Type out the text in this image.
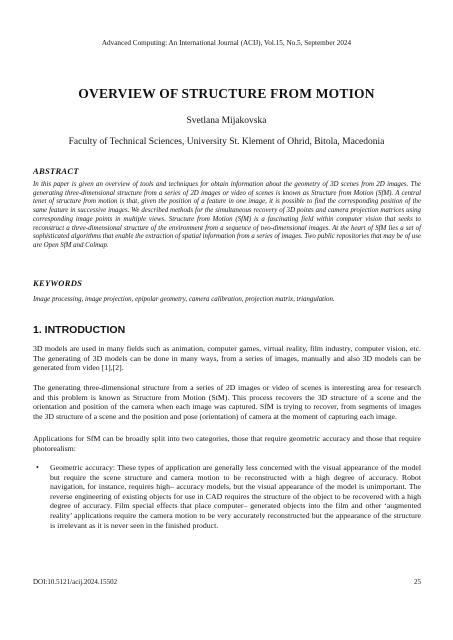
Advanced Computing: An International Journal (ACIJ), Vol.15, No.5, September 2024
OVERVIEW OF STRUCTURE FROM MOTION
Svetlana Mijakovska
Faculty of Technical Sciences, University St. Klement of Ohrid, Bitola, Macedonia
ABSTRACT
In this paper is given an overview of tools and techniques for obtain information about the geometry of 3D scenes from 2D images. The generating three-dimensional structure from a series of 2D images or video of scenes is known as Structure from Motion (SfM). A central tenet of structure from motion is that, given the position of a feature in one image, it is possible to find the corresponding position of the same feature in successive images. We described methods for the simultaneous recovery of 3D points and camera projection matrices using corresponding image points in multiple views. Structure from Motion (SfM) is a fascinating field within computer vision that seeks to reconstruct a three-dimensional structure of the environment from a sequence of two-dimensional images. At the heart of SfM lies a set of sophisticated algorithms that enable the extraction of spatial information from a series of images. Two public repositories that may be of use are Open SfM and Colmap.
KEYWORDS
Image processing, image projection, epipolar geometry, camera calibration, projection matrix, triangulation.
1. INTRODUCTION
3D models are used in many fields such as animation, computer games, virtual reality, film industry, computer vision, etc. The generating of 3D models can be done in many ways, from a series of images, manually and also 3D models can be generated from video [1],[2].
The generating three-dimensional structure from a series of 2D images or video of scenes is interesting area for research and this problem is known as Structure from Motion (StM). This process recovers the 3D structure of a scene and the orientation and position of the camera when each image was captured. SfM is trying to recover, from segments of images the 3D structure of a scene and the position and pose (orientation) of camera at the moment of capturing each image.
Applications for SfM can be broadly split into two categories, those that require geometric accuracy and those that require photorealism:
• Geometric accuracy: These types of application are generally less concerned with the visual appearance of the model but require the scene structure and camera motion to be reconstructed with a high degree of accuracy. Robot navigation, for instance, requires high– accuracy models, but the visual appearance of the model is unimportant. The reverse engineering of existing objects for use in CAD requires the structure of the object to be recovered with a high degree of accuracy. Film special effects that place computer– generated objects into the film and other ‘augmented reality’ applications require the camera motion to be very accurately reconstructed but the appearance of the structure is irrelevant as it is never seen in the finished product.
DOI:10.5121/acij.2024.15502	25
